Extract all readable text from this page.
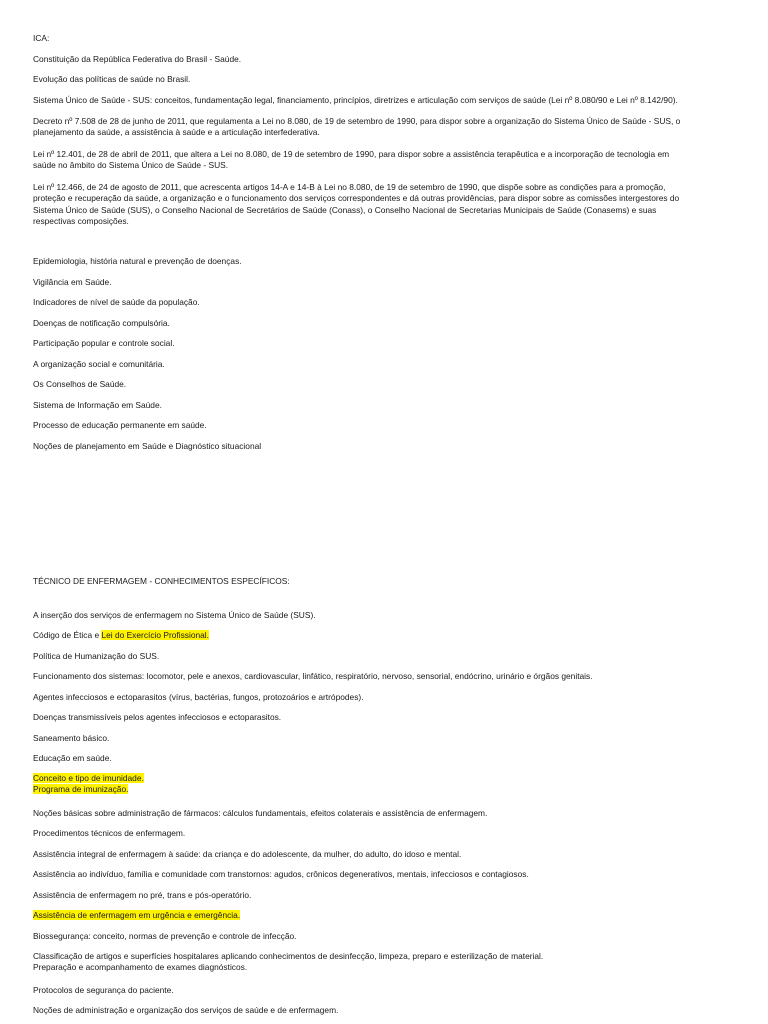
ICA:
Constituição da República Federativa do Brasil - Saúde.
Evolução das políticas de saúde no Brasil.
Sistema Único de Saúde - SUS: conceitos, fundamentação legal, financiamento, princípios, diretrizes e articulação com serviços de saúde (Lei nº 8.080/90 e Lei nº 8.142/90).
Decreto nº 7.508 de 28 de junho de 2011, que regulamenta a Lei no 8.080, de 19 de setembro de 1990, para dispor sobre a organização do Sistema Único de Saúde - SUS, o
planejamento da saúde, a assistência à saúde e a articulação interfederativa.
Lei nº 12.401, de 28 de abril de 2011, que altera a Lei no 8.080, de 19 de setembro de 1990, para dispor sobre a assistência terapêutica e a incorporação de tecnologia em
saúde no âmbito do Sistema Único de Saúde - SUS.
Lei nº 12.466, de 24 de agosto de 2011, que acrescenta artigos 14-A e 14-B à Lei no 8.080, de 19 de setembro de 1990, que dispõe sobre as condições para a promoção,
proteção e recuperação da saúde, a organização e o funcionamento dos serviços correspondentes e dá outras providências, para dispor sobre as comissões intergestores do
Sistema Único de Saúde (SUS), o Conselho Nacional de Secretários de Saúde (Conass), o Conselho Nacional de Secretarias Municipais de Saúde (Conasems) e suas
respectivas composições.
Epidemiologia, história natural e prevenção de doenças.
Vigilância em Saúde.
Indicadores de nível de saúde da população.
Doenças de notificação compulsória.
Participação popular e controle social.
A organização social e comunitária.
Os Conselhos de Saúde.
Sistema de Informação em Saúde.
Processo de educação permanente em saúde.
Noções de planejamento em Saúde e Diagnóstico situacional
TÉCNICO DE ENFERMAGEM - CONHECIMENTOS ESPECÍFICOS:
A inserção dos serviços de enfermagem no Sistema Único de Saúde (SUS).
Código de Ética e Lei do Exercício Profissional.
Política de Humanização do SUS.
Funcionamento dos sistemas: locomotor, pele e anexos, cardiovascular, linfático, respiratório, nervoso, sensorial, endócrino, urinário e órgãos genitais.
Agentes infecciosos e ectoparasitos (vírus, bactérias, fungos, protozoários e artrópodes).
Doenças transmissíveis pelos agentes infecciosos e ectoparasitos.
Saneamento básico.
Educação em saúde.
Conceito e tipo de imunidade.
Programa de imunização.
Noções básicas sobre administração de fármacos: cálculos fundamentais, efeitos colaterais e assistência de enfermagem.
Procedimentos técnicos de enfermagem.
Assistência integral de enfermagem à saúde: da criança e do adolescente, da mulher, do adulto, do idoso e mental.
Assistência ao indivíduo, família e comunidade com transtornos: agudos, crônicos degenerativos, mentais, infecciosos e contagiosos.
Assistência de enfermagem no pré, trans e pós-operatório.
Assistência de enfermagem em urgência e emergência.
Biossegurança: conceito, normas de prevenção e controle de infecção.
Classificação de artigos e superfícies hospitalares aplicando conhecimentos de desinfecção, limpeza, preparo e esterilização de material.
Preparação e acompanhamento de exames diagnósticos.
Protocolos de segurança do paciente.
Noções de administração e organização dos serviços de saúde e de enfermagem.
